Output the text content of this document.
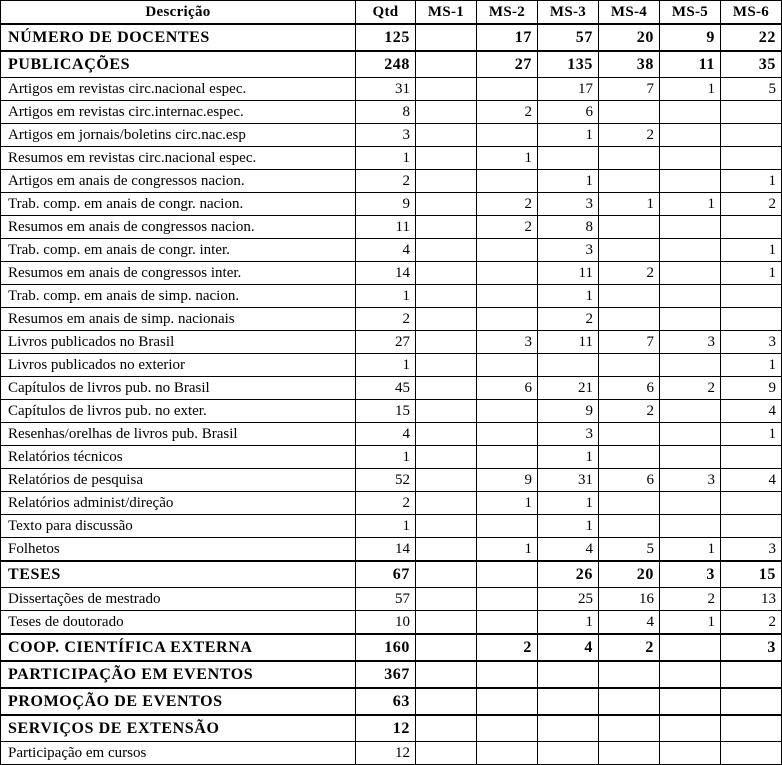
Descrição	Qtd	MS-1	MS-2	MS-3	MS-4	MS-5	MS-6
NÚMERO DE DOCENTES	125		17	57	20	9	22
PUBLICAÇÕES	248		27	135	38	11	35
Artigos em revistas circ.nacional espec.	31			17	7	1	5
Artigos em revistas circ.internac.espec.	8		2	6			
Artigos em jornais/boletins circ.nac.esp	3			1	2		
Resumos em revistas circ.nacional espec.	1		1				
Artigos em anais de congressos nacion.	2			1			1
Trab. comp. em anais de congr. nacion.	9		2	3	1	1	2
Resumos em anais de congressos nacion.	11		2	8			
Trab. comp. em anais de congr. inter.	4			3			1
Resumos em anais de congressos inter.	14			11	2		1
Trab. comp. em anais de simp. nacion.	1			1			
Resumos em anais de simp. nacionais	2			2			
Livros publicados no Brasil	27		3	11	7	3	3
Livros publicados no exterior	1						1
Capítulos de livros pub. no Brasil	45		6	21	6	2	9
Capítulos de livros pub. no exter.	15			9	2		4
Resenhas/orelhas de livros pub. Brasil	4			3			1
Relatórios técnicos	1			1			
Relatórios de pesquisa	52		9	31	6	3	4
Relatórios administ/direção	2		1	1			
Texto para discussão	1			1			
Folhetos	14		1	4	5	1	3
TESES	67			26	20	3	15
Dissertações de mestrado	57			25	16	2	13
Teses de doutorado	10			1	4	1	2
COOP. CIENTÍFICA EXTERNA	160		2	4	2		3
PARTICIPAÇÃO EM EVENTOS	367						
PROMOÇÃO DE EVENTOS	63						
SERVIÇOS DE EXTENSÃO	12						
Participação em cursos	12						
